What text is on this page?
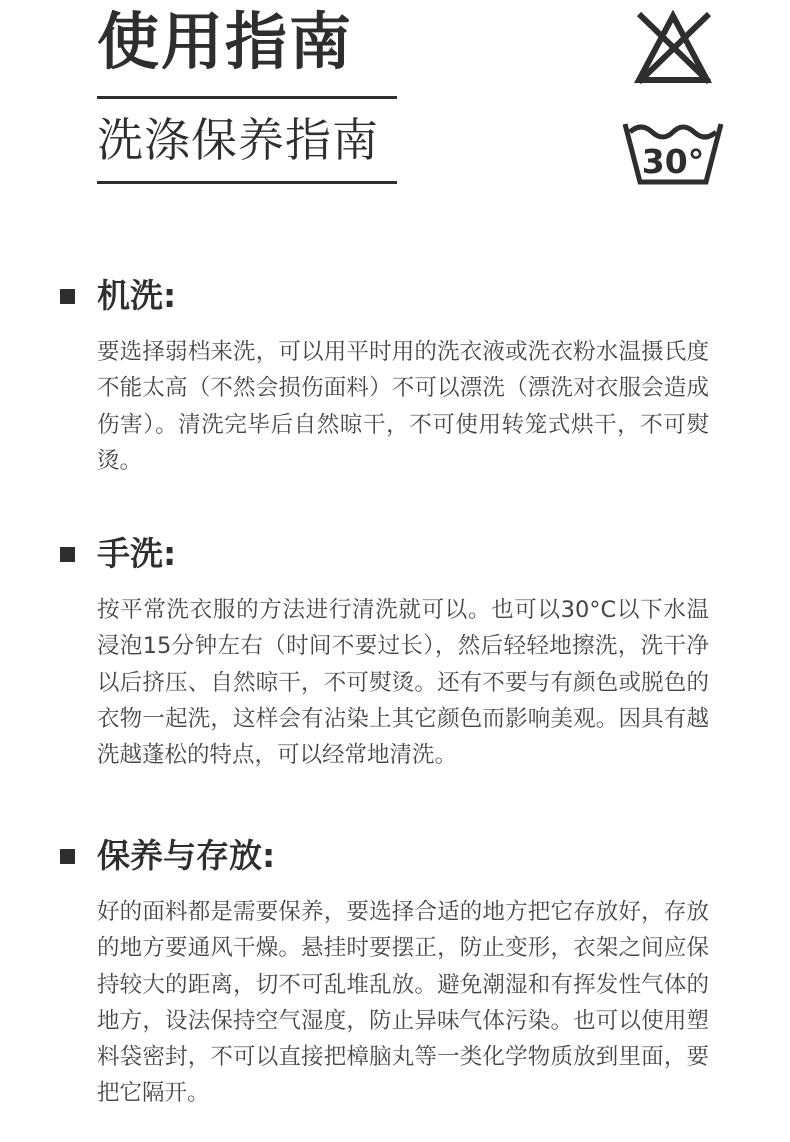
使用指南
洗涤保养指南	30°
机洗:

要选择弱档来洗，可以用平时用的洗衣液或洗衣粉水温摄氏度不能太高（不然会损伤面料）不可以漂洗（漂洗对衣服会造成伤害）。清洗完毕后自然晾干，不可使用转笼式烘干，不可熨烫。

手洗:

按平常洗衣服的方法进行清洗就可以。也可以30°C以下水温浸泡15分钟左右（时间不要过长），然后轻轻地擦洗，洗干净以后挤压、自然晾干，不可熨烫。还有不要与有颜色或脱色的衣物一起洗，这样会有沾染上其它颜色而影响美观。因具有越洗越蓬松的特点，可以经常地清洗。

保养与存放:

好的面料都是需要保养，要选择合适的地方把它存放好，存放的地方要通风干燥。悬挂时要摆正，防止变形，衣架之间应保持较大的距离，切不可乱堆乱放。避免潮湿和有挥发性气体的地方，设法保持空气湿度，防止异味气体污染。也可以使用塑料袋密封，不可以直接把樟脑丸等一类化学物质放到里面，要把它隔开。
